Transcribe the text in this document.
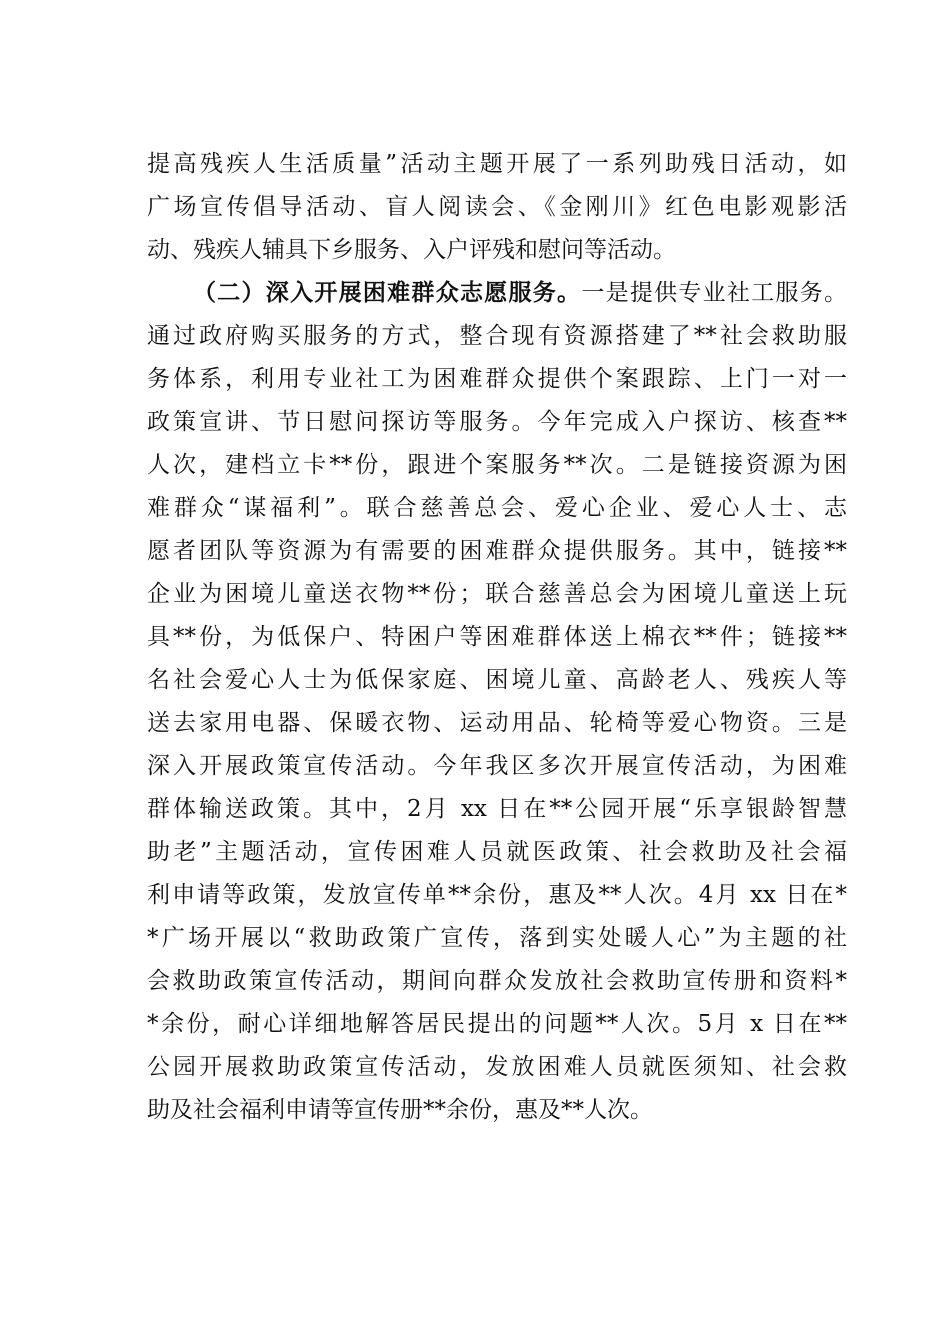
提高残疾人生活质量”活动主题开展了一系列助残日活动，如
广场宣传倡导活动、盲人阅读会、《金刚川》红色电影观影活
动、残疾人辅具下乡服务、入户评残和慰问等活动。
（二）深入开展困难群众志愿服务。一是提供专业社工服务。
通过政府购买服务的方式，整合现有资源搭建了**社会救助服
务体系，利用专业社工为困难群众提供个案跟踪、上门一对一
政策宣讲、节日慰问探访等服务。今年完成入户探访、核查**
人次，建档立卡**份，跟进个案服务**次。二是链接资源为困
难群众“谋福利”。联合慈善总会、爱心企业、爱心人士、志
愿者团队等资源为有需要的困难群众提供服务。其中，链接**
企业为困境儿童送衣物**份；联合慈善总会为困境儿童送上玩
具**份，为低保户、特困户等困难群体送上棉衣**件；链接**
名社会爱心人士为低保家庭、困境儿童、高龄老人、残疾人等
送去家用电器、保暖衣物、运动用品、轮椅等爱心物资。三是
深入开展政策宣传活动。今年我区多次开展宣传活动，为困难
群体输送政策。其中，2月 xx 日在**公园开展“乐享银龄智慧
助老”主题活动，宣传困难人员就医政策、社会救助及社会福
利申请等政策，发放宣传单**余份，惠及**人次。4月 xx 日在*
*广场开展以“救助政策广宣传，落到实处暖人心”为主题的社
会救助政策宣传活动，期间向群众发放社会救助宣传册和资料*
*余份，耐心详细地解答居民提出的问题**人次。5月 x 日在**
公园开展救助政策宣传活动，发放困难人员就医须知、社会救
助及社会福利申请等宣传册**余份，惠及**人次。
